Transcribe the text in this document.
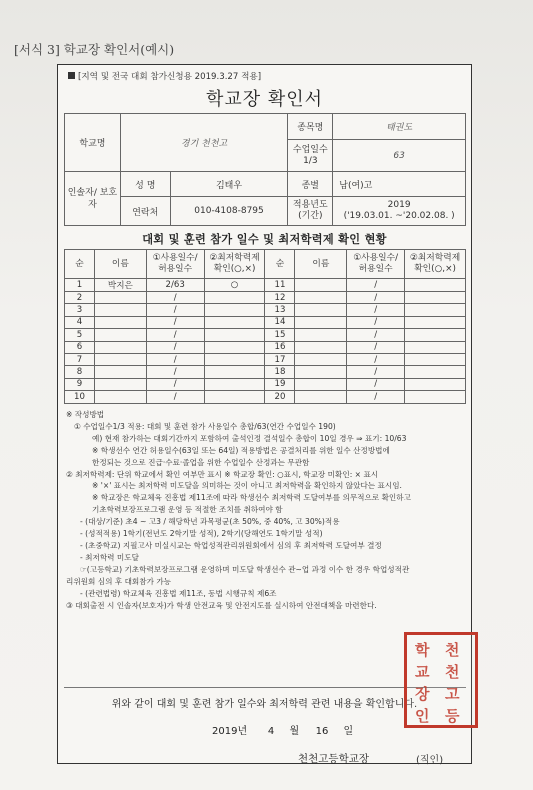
[서식 3] 학교장 확인서(예시)
[지역 및 전국 대회 참가신청용 2019.3.27 적용]
학교장 확인서
학교명	경기 천천고		종목명	태권도
			수업일수 1/3	63
인솔자/ 보호자	성 명	김태우	종별	남(여)고
	연락처	010-4108-8795	적용년도 (기간)	2019
('19.03.01. ~'20.02.08. )
대회 및 훈련 참가 일수 및 최저학력제 확인 현황
순	이름	①사용일수/ 허용일수	②최저학력제 확인(○,×)	순	이름	①사용일수/ 허용일수	②최저학력제 확인(○,×)
1	박지은	2/63	○	11		/	
2		/		12		/	
3		/		13		/	
4		/		14		/	
5		/		15		/	
6		/		16		/	
7		/		17		/	
8		/		18		/	
9		/		19		/	
10		/		20		/	
※ 작성방법
① 수업일수1/3 적용: 대회 및 훈련 참가 사용일수 총합/63(연간 수업일수 190)
예) 현재 참가하는 대회기간까지 포함하여 출석인정 결석일수 총합이 10일 경우 ⇒ 표기: 10/63
※ 학생선수 연간 허용일수(63일 또는 64일) 적용방법은 공결처리를 위한 일수 산정방법에
한정되는 것으로 진급·수료·졸업을 위한 수업일수 산정과는 무관함
② 최저학력제: 단위 학교에서 확인 여부만 표시 ※ 학교장 확인: ○표시, 학교장 미확인: × 표시
※ '×' 표시는 최저학력 미도달을 의미하는 것이 아니고 최저학력을 확인하지 않았다는 표시임.
※ 학교장은 학교체육 진흥법 제11조에 따라 학생선수 최저학력 도달여부를 의무적으로 확인하고
기초학력보장프로그램 운영 등 적절한 조치를 취하여야 함
- (대상/기준) 초4 ~ 고3 / 해당학년 과목평균(초 50%, 중 40%, 고 30%)적용
- (성적적용) 1학기(전년도 2학기말 성적), 2학기(당해연도 1학기말 성적)
- (초중학교) 지필고사 미실시교는 학업성적관리위원회에서 심의 후 최저학력 도달여부 결정
- 최저학력 미도달
☞(고등학교) 기초학력보장프로그램 운영하며 미도달 학생선수 관~업 과정 이수 한 경우 학업성적관
리위원회 심의 후 대회참가 가능
- (관련법령) 학교체육 진흥법 제11조, 동법 시행규칙 제6조
③ 대회출전 시 인솔자(보호자)가 학생 안전교육 및 안전지도를 실시하여 안전대책을 마련한다.
위와 같이 대회 및 훈련 참가 일수와 최저학력 관련 내용을 확인합니다.
2019년 4 월 16 일
천천고등학교장	(직인)
천
천
고
등
학
교
장
인
